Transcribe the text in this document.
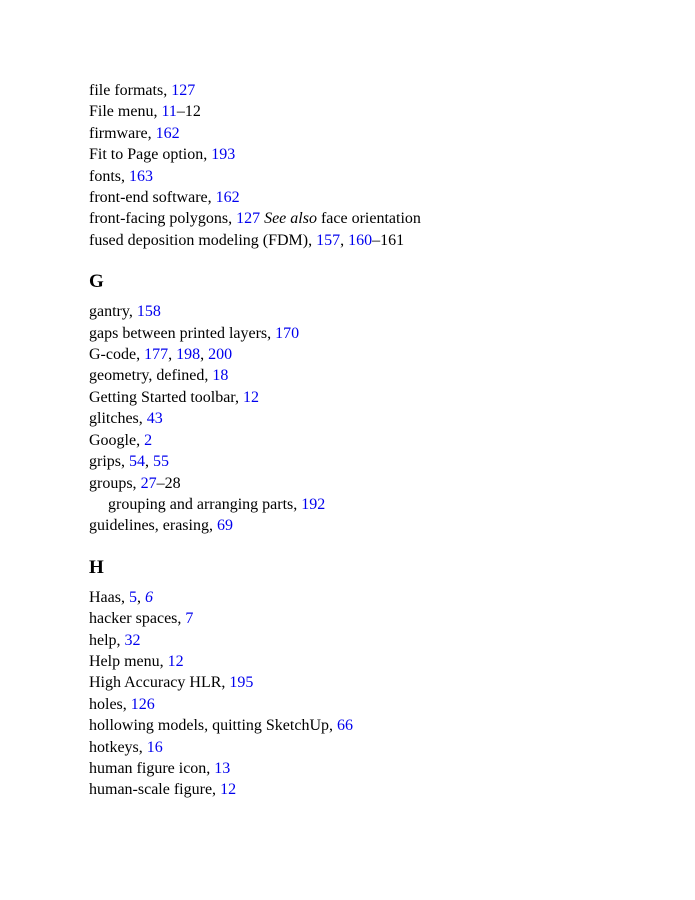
file formats, 127
File menu, 11–12
firmware, 162
Fit to Page option, 193
fonts, 163
front-end software, 162
front-facing polygons, 127 See also face orientation
fused deposition modeling (FDM), 157, 160–161
G
gantry, 158
gaps between printed layers, 170
G-code, 177, 198, 200
geometry, defined, 18
Getting Started toolbar, 12
glitches, 43
Google, 2
grips, 54, 55
groups, 27–28
grouping and arranging parts, 192
guidelines, erasing, 69
H
Haas, 5, 6
hacker spaces, 7
help, 32
Help menu, 12
High Accuracy HLR, 195
holes, 126
hollowing models, quitting SketchUp, 66
hotkeys, 16
human figure icon, 13
human-scale figure, 12
